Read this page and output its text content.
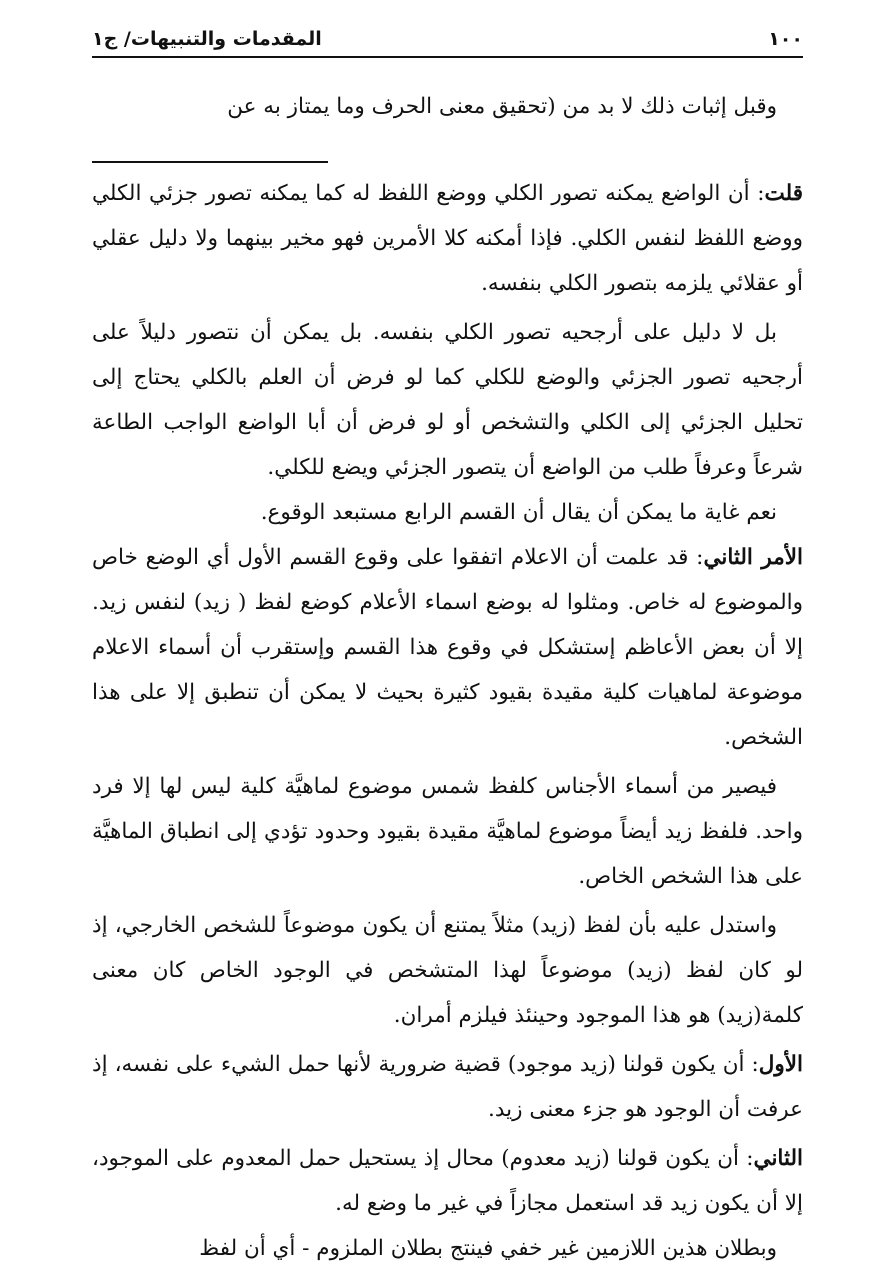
١٠٠
المقدمات والتنبيهات/ ج١

وقبل إثبات ذلك لا بد من (تحقيق معنى الحرف وما يمتاز به عن

قلت: أن الواضع يمكنه تصور الكلي ووضع اللفظ له كما يمكنه تصور جزئي الكلي ووضع اللفظ لنفس الكلي. فإذا أمكنه كلا الأمرين فهو مخير بينهما ولا دليل عقلي أو عقلائي يلزمه بتصور الكلي بنفسه.

بل لا دليل على أرجحيه تصور الكلي بنفسه. بل يمكن أن نتصور دليلاً على أرجحيه تصور الجزئي والوضع للكلي كما لو فرض أن العلم بالكلي يحتاج إلى تحليل الجزئي إلى الكلي والتشخص أو لو فرض أن أبا الواضع الواجب الطاعة شرعاً وعرفاً طلب من الواضع أن يتصور الجزئي ويضع للكلي.

نعم غاية ما يمكن أن يقال أن القسم الرابع مستبعد الوقوع.

الأمر الثاني: قد علمت أن الاعلام اتفقوا على وقوع القسم الأول أي الوضع خاص والموضوع له خاص. ومثلوا له بوضع اسماء الأعلام كوضع لفظ ( زيد) لنفس زيد. إلا أن بعض الأعاظم إستشكل في وقوع هذا القسم وإستقرب أن أسماء الاعلام موضوعة لماهيات كلية مقيدة بقيود كثيرة بحيث لا يمكن أن تنطبق إلا على هذا الشخص.

فيصير من أسماء الأجناس كلفظ شمس موضوع لماهيَّة كلية ليس لها إلا فرد واحد. فلفظ زيد أيضاً موضوع لماهيَّة مقيدة بقيود وحدود تؤدي إلى انطباق الماهيَّة على هذا الشخص الخاص.

واستدل عليه بأن لفظ (زيد) مثلاً يمتنع أن يكون موضوعاً للشخص الخارجي، إذ لو كان لفظ (زيد) موضوعاً لهذا المتشخص في الوجود الخاص كان معنى كلمة(زيد) هو هذا الموجود وحينئذ فيلزم أمران.

الأول: أن يكون قولنا (زيد موجود) قضية ضرورية لأنها حمل الشيء على نفسه، إذ عرفت أن الوجود هو جزء معنى زيد.

الثاني: أن يكون قولنا (زيد معدوم) محال إذ يستحيل حمل المعدوم على الموجود، إلا أن يكون زيد قد استعمل مجازاً في غير ما وضع له.

وبطلان هذين اللازمين غير خفي فينتج بطلان الملزوم - أي أن لفظ
